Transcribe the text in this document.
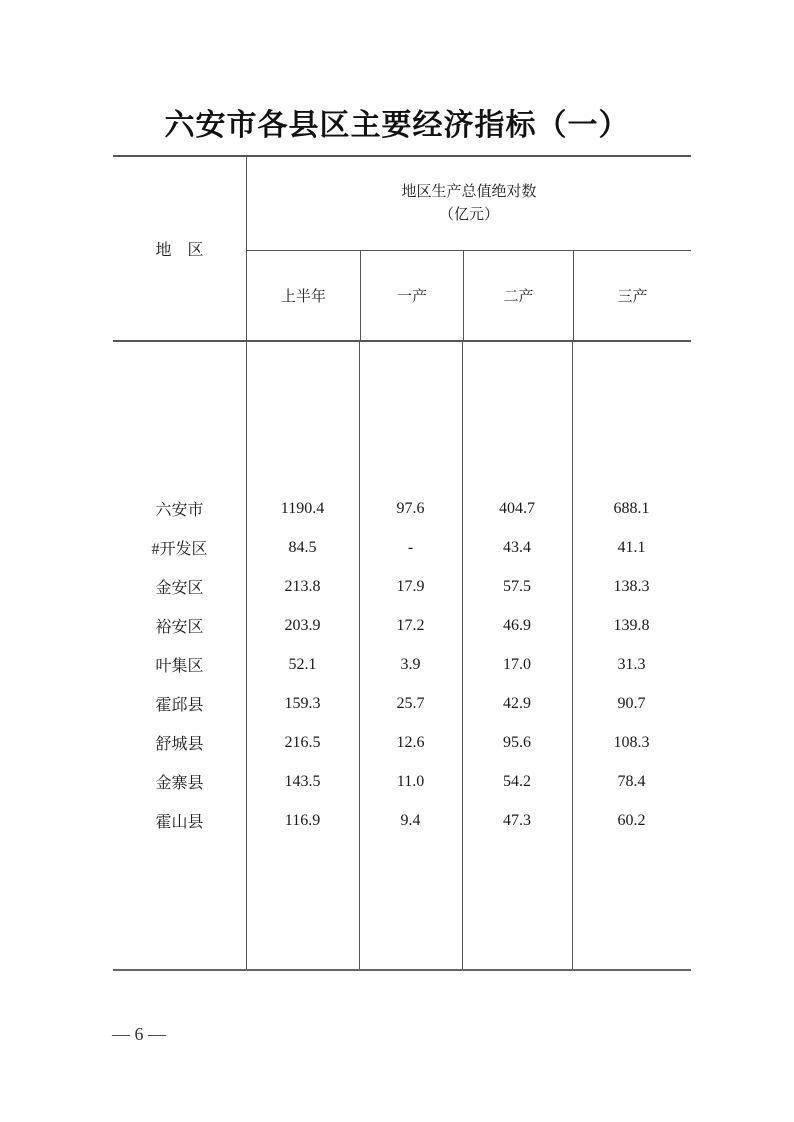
六安市各县区主要经济指标（一）
地　区
地区生产总值绝对数
（亿元）
上半年	一产	二产	三产
六安市	1190.4	97.6	404.7	688.1
#开发区	84.5	-	43.4	41.1
金安区	213.8	17.9	57.5	138.3
裕安区	203.9	17.2	46.9	139.8
叶集区	52.1	3.9	17.0	31.3
霍邱县	159.3	25.7	42.9	90.7
舒城县	216.5	12.6	95.6	108.3
金寨县	143.5	11.0	54.2	78.4
霍山县	116.9	9.4	47.3	60.2
— 6 —
